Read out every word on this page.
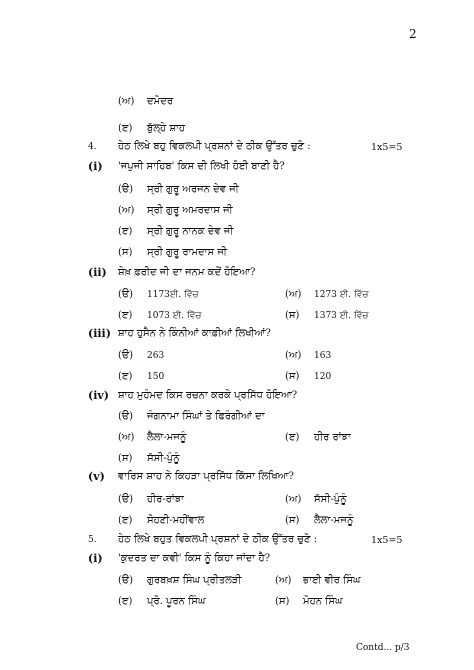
2
(ਅ) ਦਮੋਦਰ
(ੲ) ਬੁੱਲ੍ਹੇ ਸ਼ਾਹ
4. ਹੇਠ ਲਿਖੇ ਬਹੁ ਵਿਕਲਪੀ ਪ੍ਰਸ਼ਨਾਂ ਦੇ ਠੀਕ ਉੱਤਰ ਚੁਣੋ :	1x5=5
(i) 'ਜਪੁਜੀ ਸਾਹਿਬ' ਕਿਸ ਦੀ ਲਿਖੀ ਹੋਈ ਬਾਣੀ ਹੈ?
(ੳ) ਸ੍ਰੀ ਗੁਰੂ ਅਰਜਨ ਦੇਵ ਜੀ
(ਅ) ਸ੍ਰੀ ਗੁਰੂ ਅਮਰਦਾਸ ਜੀ
(ੲ) ਸ੍ਰੀ ਗੁਰੂ ਨਾਨਕ ਦੇਵ ਜੀ
(ਸ) ਸ੍ਰੀ ਗੁਰੂ ਰਾਮਦਾਸ ਜੀ
(ii) ਸ਼ੇਖ਼ ਫ਼ਰੀਦ ਜੀ ਦਾ ਜਨਮ ਕਦੋਂ ਹੋਇਆ?
(ੳ) 1173ਈ. ਵਿੱਚ	(ਅ) 1273 ਈ. ਵਿੱਚ
(ੲ) 1073 ਈ. ਵਿੱਚ	(ਸ) 1373 ਈ. ਵਿੱਚ
(iii) ਸ਼ਾਹ ਹੁਸੈਨ ਨੇ ਕਿੰਨੀਆਂ ਕਾਫ਼ੀਆਂ ਲਿਖੀਆਂ?
(ੳ) 263	(ਅ) 163
(ੲ) 150	(ਸ) 120
(iv) ਸ਼ਾਹ ਮੁਹੰਮਦ ਕਿਸ ਰਚਨਾ ਕਰਕੇ ਪ੍ਰਸਿੱਧ ਹੋਇਆ?
(ੳ) ਜੰਗਨਾਮਾ ਸਿੰਘਾਂ ਤੇ ਫਿਰੰਗੀਆਂ ਦਾ
(ਅ) ਲੈਲਾ-ਮਜਨੂੰ	(ੲ) ਹੀਰ ਰਾਂਝਾ
(ਸ) ਸੱਸੀ-ਪੁੰਨੂੰ
(v) ਵਾਰਿਸ ਸ਼ਾਹ ਨੇ ਕਿਹੜਾ ਪ੍ਰਸਿੱਧ ਕਿੱਸਾ ਲਿਖਿਆ?
(ੳ) ਹੀਰ-ਰਾਂਝਾ	(ਅ) ਸੱਸੀ-ਪੁੰਨੂੰ
(ੲ) ਸੋਹਣੀ-ਮਹੀਂਵਾਲ	(ਸ) ਲੈਲਾ-ਮਜਨੂੰ
5. ਹੇਠ ਲਿਖੇ ਬਹੁਤ ਵਿਕਲਪੀ ਪ੍ਰਸ਼ਨਾਂ ਦੇ ਠੀਕ ਉੱਤਰ ਚੁਣੋ :	1x5=5
(i) 'ਕੁਦਰਤ ਦਾ ਕਵੀ' ਕਿਸ ਨੂੰ ਕਿਹਾ ਜਾਂਦਾ ਹੈ?
(ੳ) ਗੁਰਬਖ਼ਸ਼ ਸਿੰਘ ਪ੍ਰੀਤਲੜੀ	(ਅ) ਭਾਈ ਵੀਰ ਸਿੰਘ
(ੲ) ਪ੍ਰੋ. ਪੂਰਨ ਸਿੰਘ	(ਸ) ਮੋਹਨ ਸਿੰਘ
Contd... p/3
